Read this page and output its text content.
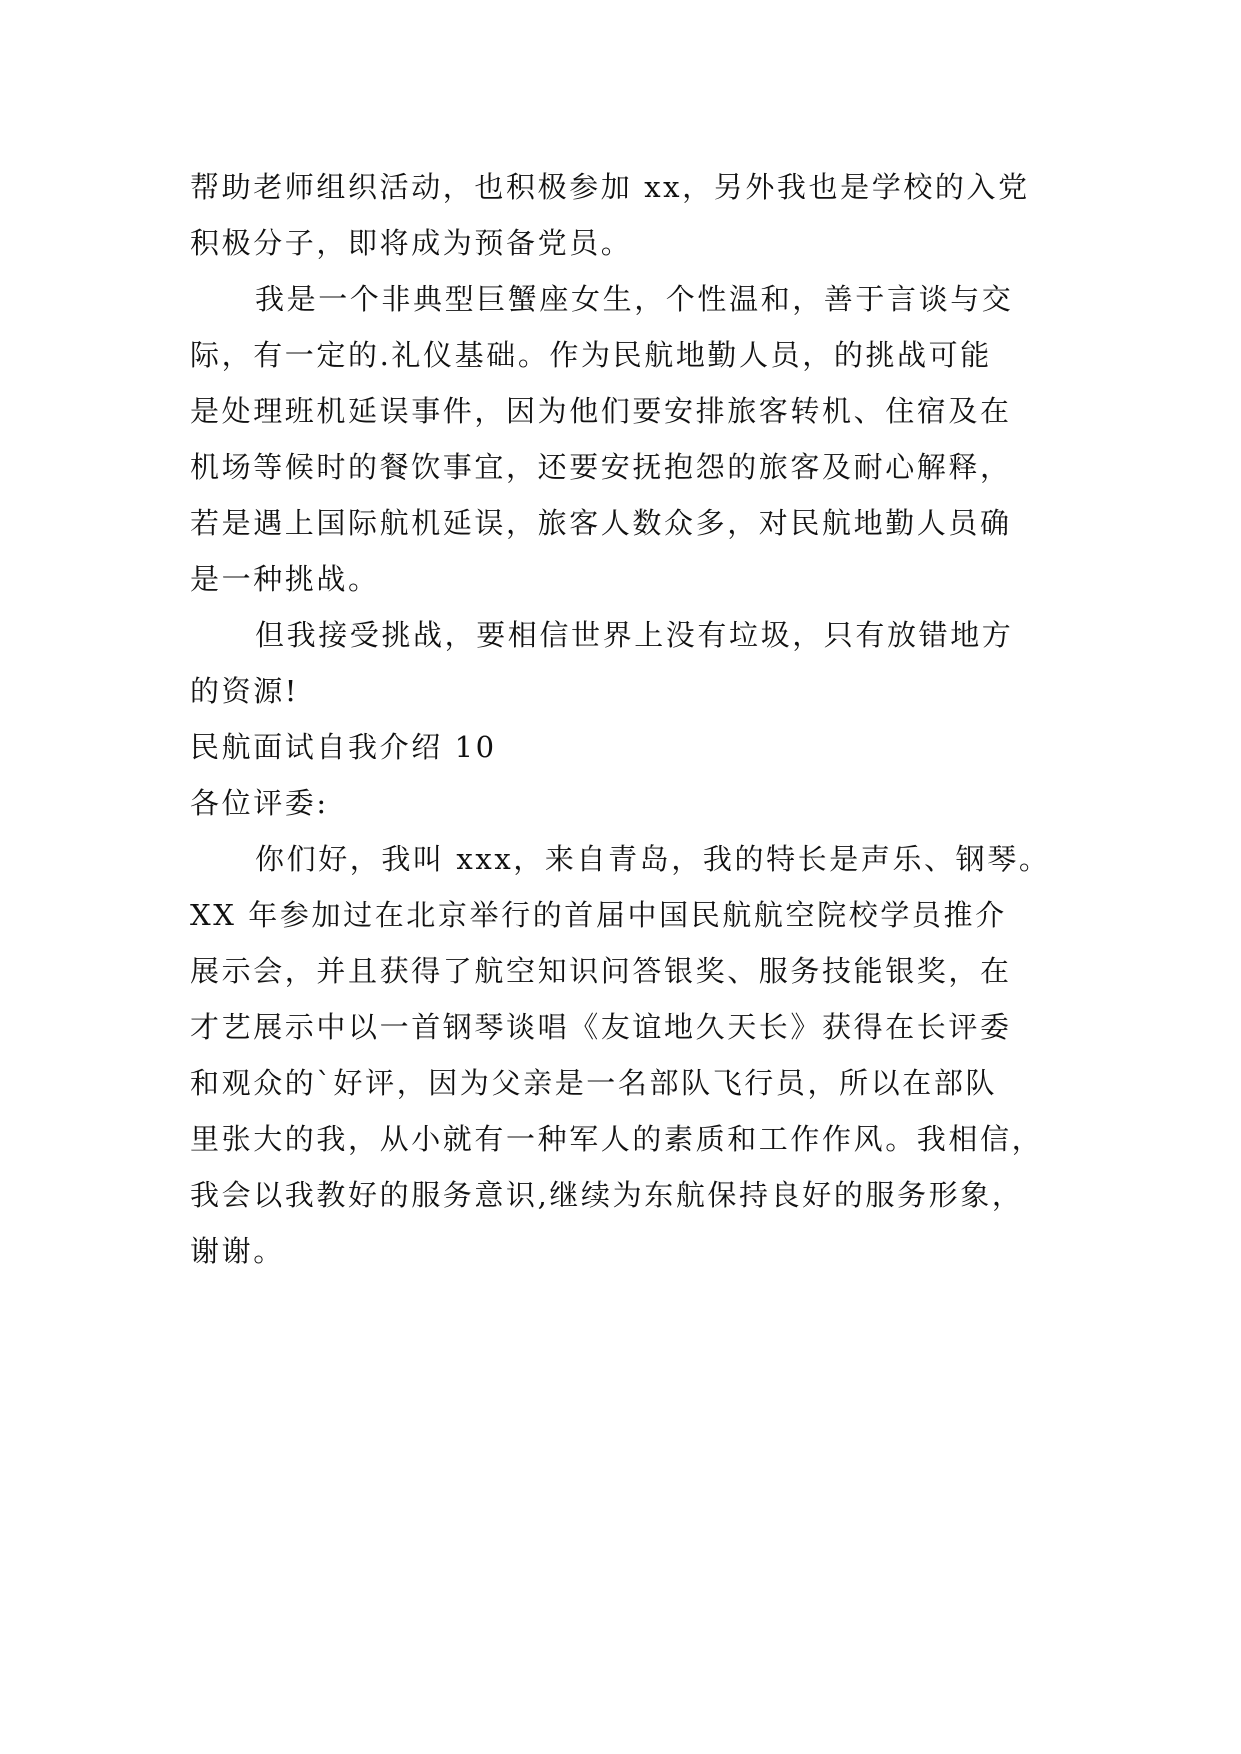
帮助老师组织活动，也积极参加 xx，另外我也是学校的入党

积极分子，即将成为预备党员。

我是一个非典型巨蟹座女生，个性温和，善于言谈与交

际，有一定的.礼仪基础。作为民航地勤人员，的挑战可能

是处理班机延误事件，因为他们要安排旅客转机、住宿及在

机场等候时的餐饮事宜，还要安抚抱怨的旅客及耐心解释，

若是遇上国际航机延误，旅客人数众多，对民航地勤人员确

是一种挑战。

但我接受挑战，要相信世界上没有垃圾，只有放错地方

的资源!

民航面试自我介绍 10

各位评委:

你们好，我叫 xxx，来自青岛，我的特长是声乐、钢琴。

XX 年参加过在北京举行的首届中国民航航空院校学员推介

展示会，并且获得了航空知识问答银奖、服务技能银奖，在

才艺展示中以一首钢琴谈唱《友谊地久天长》获得在长评委

和观众的`好评，因为父亲是一名部队飞行员，所以在部队

里张大的我，从小就有一种军人的素质和工作作风。我相信，

我会以我教好的服务意识,继续为东航保持良好的服务形象，

谢谢。
